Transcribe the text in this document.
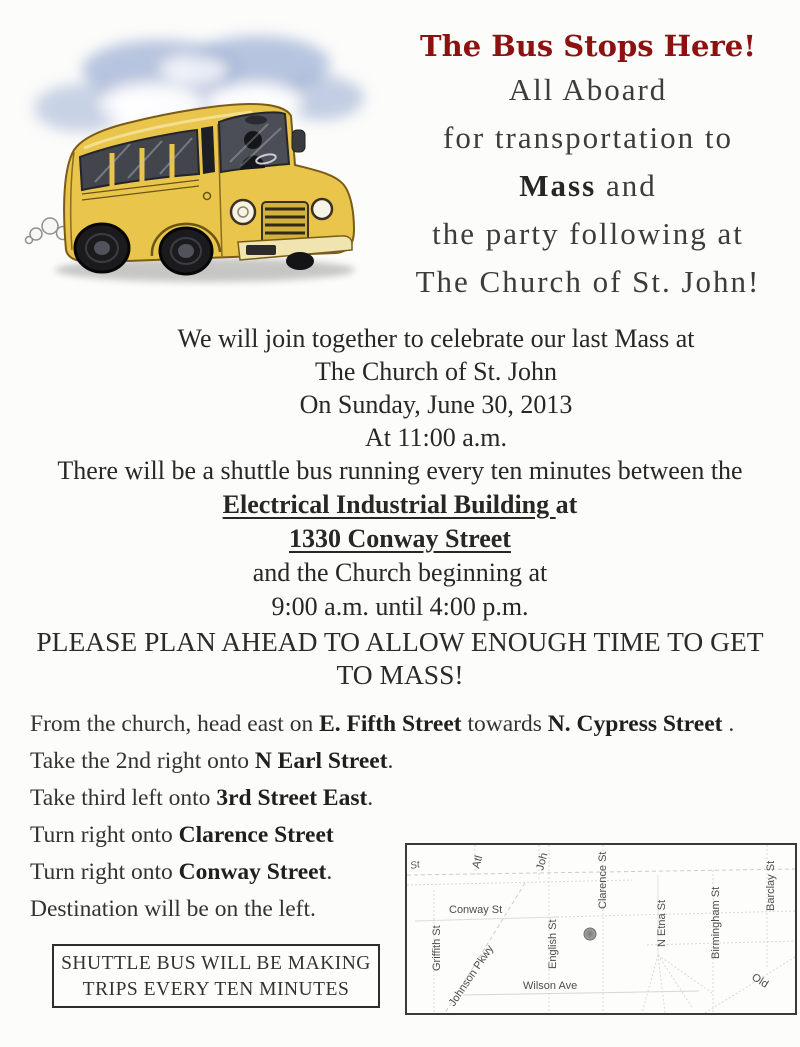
The Bus Stops Here!
All Aboard
for transportation to
Mass and
the party following at
The Church of St. John!
We will join together to celebrate our last Mass at
The Church of St. John
On Sunday, June 30, 2013
At 11:00 a.m.
There will be a shuttle bus running every ten minutes between the
Electrical Industrial Building at
1330 Conway Street
and the Church beginning at
9:00 a.m. until 4:00 p.m.
PLEASE PLAN AHEAD TO ALLOW ENOUGH TIME TO GET TO MASS!
From the church, head east on E. Fifth Street towards N. Cypress Street .
Take the 2nd right onto N Earl Street.
Take third left onto 3rd Street East.
Turn right onto Clarence Street
Turn right onto Conway Street.
Destination will be on the left.
SHUTTLE BUS WILL BE MAKING
TRIPS EVERY TEN MINUTES
St	Atl	Joh	Clarence St
N Etna St	Birmingham St
Barclay St
Griffith St	English St
Conway St
Johnson Pkwy Wilson Ave	Old
